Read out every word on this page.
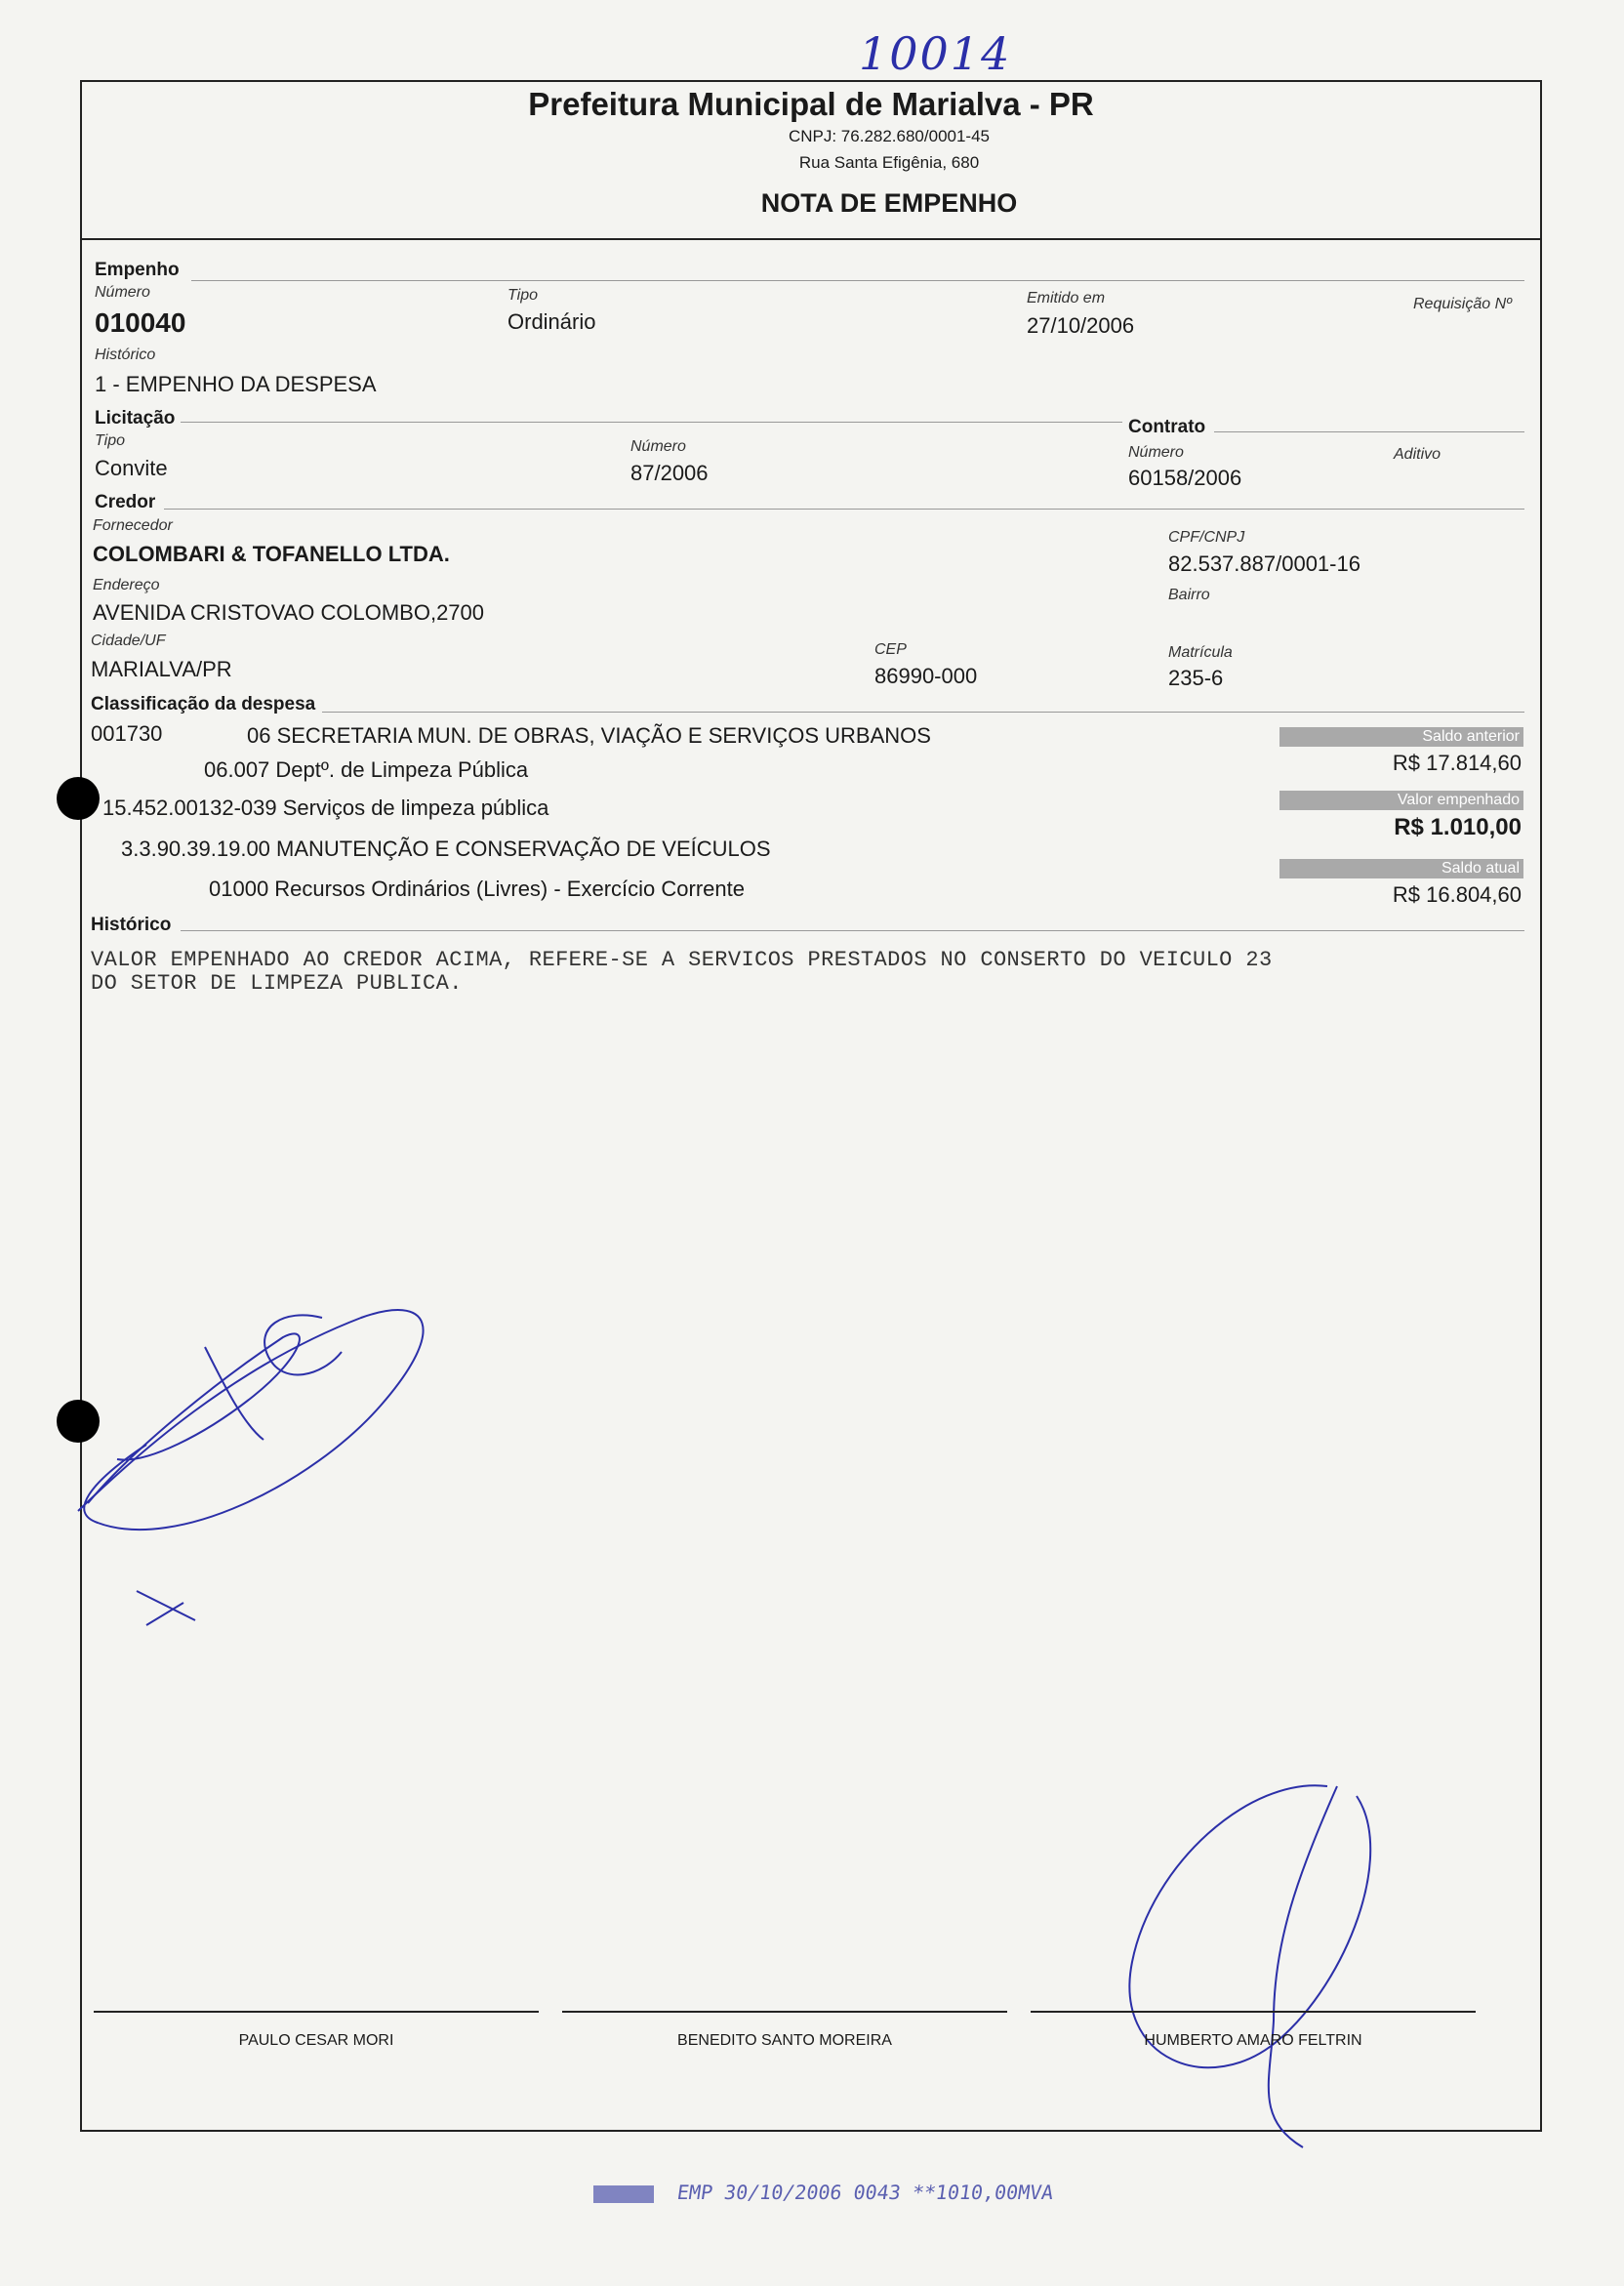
10014
Prefeitura Municipal de Marialva - PR
CNPJ: 76.282.680/0001-45
Rua Santa Efigênia, 680
NOTA DE EMPENHO
Empenho
Número
010040
Tipo
Ordinário
Emitido em
27/10/2006
Requisição Nº
Histórico
1 - EMPENHO DA DESPESA
Licitação
Tipo
Convite
Número
87/2006
Contrato
Número
60158/2006
Aditivo
Credor
Fornecedor
COLOMBARI & TOFANELLO LTDA.
CPF/CNPJ
82.537.887/0001-16
Endereço
AVENIDA CRISTOVAO COLOMBO,2700
Bairro
Cidade/UF
MARIALVA/PR
CEP
86990-000
Matrícula
235-6
Classificação da despesa
001730	06 SECRETARIA MUN. DE OBRAS, VIAÇÃO E SERVIÇOS URBANOS
06.007 Deptº. de Limpeza Pública
15.452.00132-039 Serviços de limpeza pública
3.3.90.39.19.00 MANUTENÇÃO E CONSERVAÇÃO DE VEÍCULOS
01000 Recursos Ordinários (Livres) - Exercício Corrente
Saldo anterior
R$ 17.814,60
Valor empenhado
R$ 1.010,00
Saldo atual
R$ 16.804,60
Histórico
VALOR EMPENHADO AO CREDOR ACIMA, REFERE-SE A SERVICOS PRESTADOS NO CONSERTO DO VEICULO 23
DO SETOR DE LIMPEZA PUBLICA.
PAULO CESAR MORI	BENEDITO SANTO MOREIRA	HUMBERTO AMARO FELTRIN
EMP 30/10/2006 0043 **1010,00MVA
